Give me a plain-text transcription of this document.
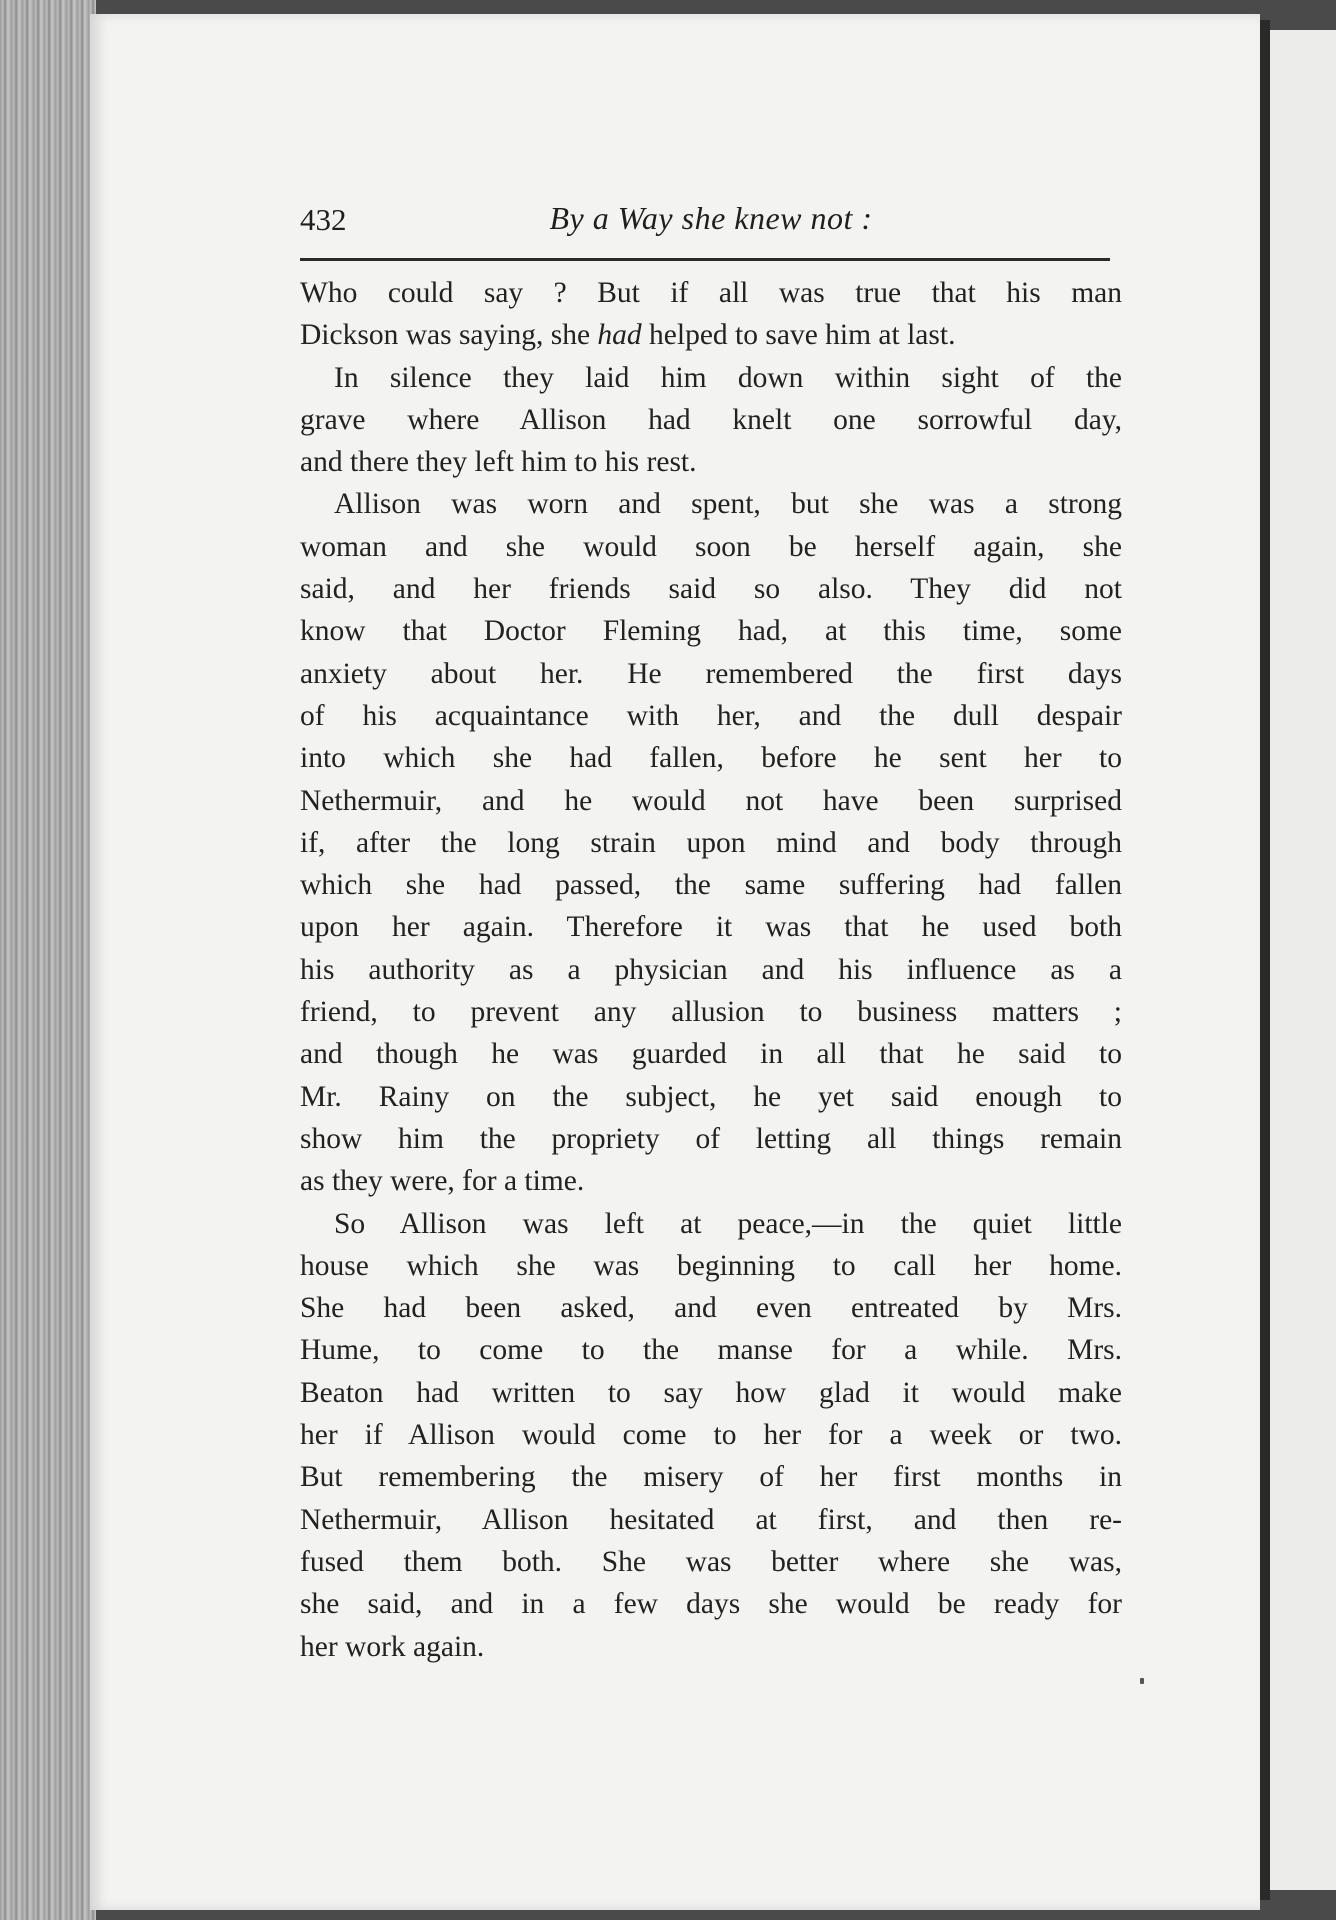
432	By a Way she knew not :
Who could say ? But if all was true that his man
Dickson was saying, she had helped to save him at last.
In silence they laid him down within sight of the
grave where Allison had knelt one sorrowful day,
and there they left him to his rest.
Allison was worn and spent, but she was a strong
woman and she would soon be herself again, she
said, and her friends said so also. They did not
know that Doctor Fleming had, at this time, some
anxiety about her. He remembered the first days
of his acquaintance with her, and the dull despair
into which she had fallen, before he sent her to
Nethermuir, and he would not have been surprised
if, after the long strain upon mind and body through
which she had passed, the same suffering had fallen
upon her again. Therefore it was that he used both
his authority as a physician and his influence as a
friend, to prevent any allusion to business matters ;
and though he was guarded in all that he said to
Mr. Rainy on the subject, he yet said enough to
show him the propriety of letting all things remain
as they were, for a time.
So Allison was left at peace,—in the quiet little
house which she was beginning to call her home.
She had been asked, and even entreated by Mrs.
Hume, to come to the manse for a while. Mrs.
Beaton had written to say how glad it would make
her if Allison would come to her for a week or two.
But remembering the misery of her first months in
Nethermuir, Allison hesitated at first, and then re-
fused them both. She was better where she was,
she said, and in a few days she would be ready for
her work again.
